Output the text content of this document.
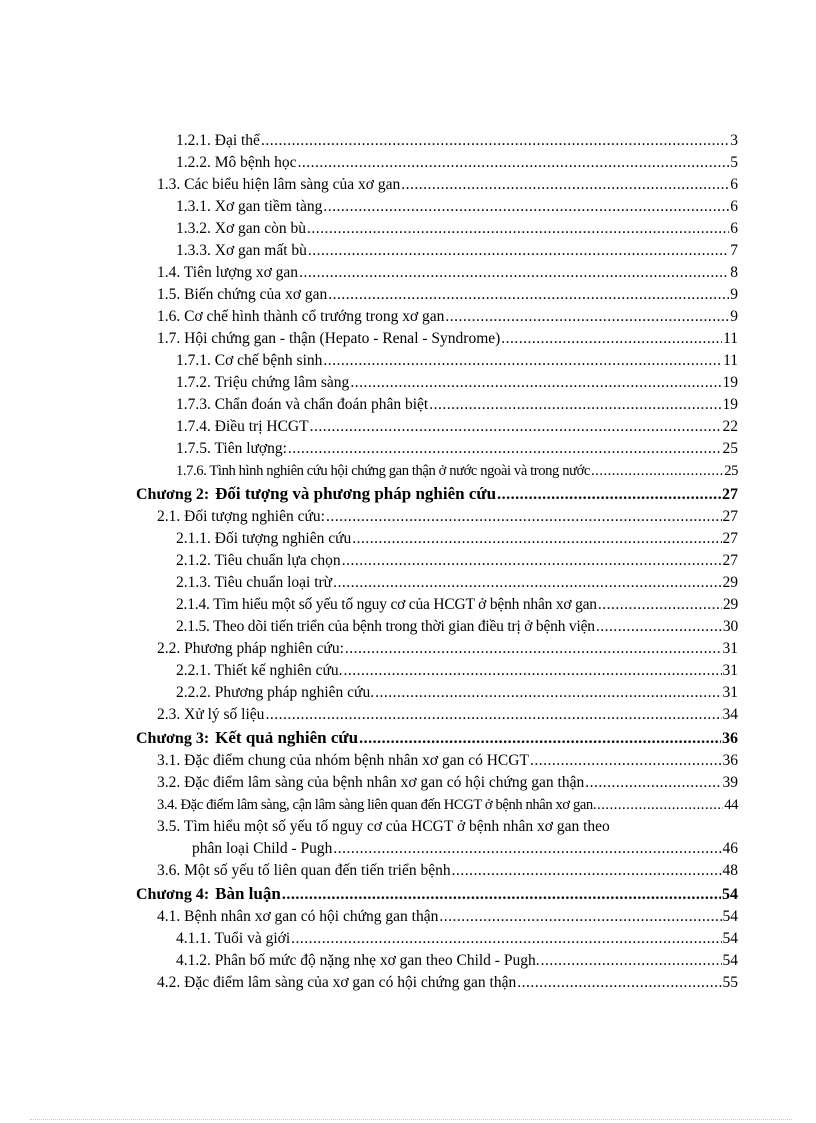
1.2.1. Đại thể .....	3
1.2.2. Mô bệnh học .....	5
1.3. Các biểu hiện lâm sàng của xơ gan .....	6
1.3.1. Xơ gan tiềm tàng .....	6
1.3.2. Xơ gan còn bù .....	6
1.3.3. Xơ gan mất bù .....	7
1.4. Tiên lượng xơ gan .....	8
1.5. Biến chứng của xơ gan .....	9
1.6. Cơ chế hình thành cổ trướng trong xơ gan .....	9
1.7. Hội chứng gan - thận (Hepato - Renal - Syndrome) .....	11
1.7.1. Cơ chế bệnh sinh .....	11
1.7.2. Triệu chứng lâm sàng .....	19
1.7.3. Chẩn đoán và chẩn đoán phân biệt .....	19
1.7.4. Điều trị HCGT .....	22
1.7.5. Tiên lượng: .....	25
1.7.6. Tình hình nghiên cứu hội chứng gan thận ở nước ngoài và trong nước .....	25
Chương 2: Đối tượng và phương pháp nghiên cứu .....	27
2.1. Đối tượng nghiên cứu: .....	27
2.1.1. Đối tượng nghiên cứu .....	27
2.1.2. Tiêu chuẩn lựa chọn .....	27
2.1.3. Tiêu chuẩn loại trừ .....	29
2.1.4. Tìm hiểu một số yếu tố nguy cơ của HCGT ở bệnh nhân xơ gan .....	29
2.1.5. Theo dõi tiến triển của bệnh trong thời gian điều trị ở bệnh viện .....	30
2.2. Phương pháp nghiên cứu: .....	31
2.2.1. Thiết kế nghiên cứu. .....	31
2.2.2. Phương pháp nghiên cứu. .....	31
2.3. Xử lý số liệu .....	34
Chương 3: Kết quả nghiên cứu .....	36
3.1. Đặc điểm chung của nhóm bệnh nhân xơ gan có HCGT .....	36
3.2. Đặc điểm lâm sàng của bệnh nhân xơ gan có hội chứng gan thận .....	39
3.4. Đặc điểm lâm sàng, cận lâm sàng liên quan đến HCGT ở bệnh nhân xơ gan. .....	44
3.5. Tìm hiểu một số yếu tố nguy cơ của HCGT ở bệnh nhân xơ gan theo
phân loại Child - Pugh .....	46
3.6. Một số yếu tố liên quan đến tiến triển bệnh .....	48
Chương 4: Bàn luận .....	54
4.1. Bệnh nhân xơ gan có hội chứng gan thận .....	54
4.1.1. Tuổi và giới .....	54
4.1.2. Phân bố mức độ nặng nhẹ xơ gan theo Child - Pugh. .....	54
4.2. Đặc điểm lâm sàng của xơ gan có hội chứng gan thận .....	55
